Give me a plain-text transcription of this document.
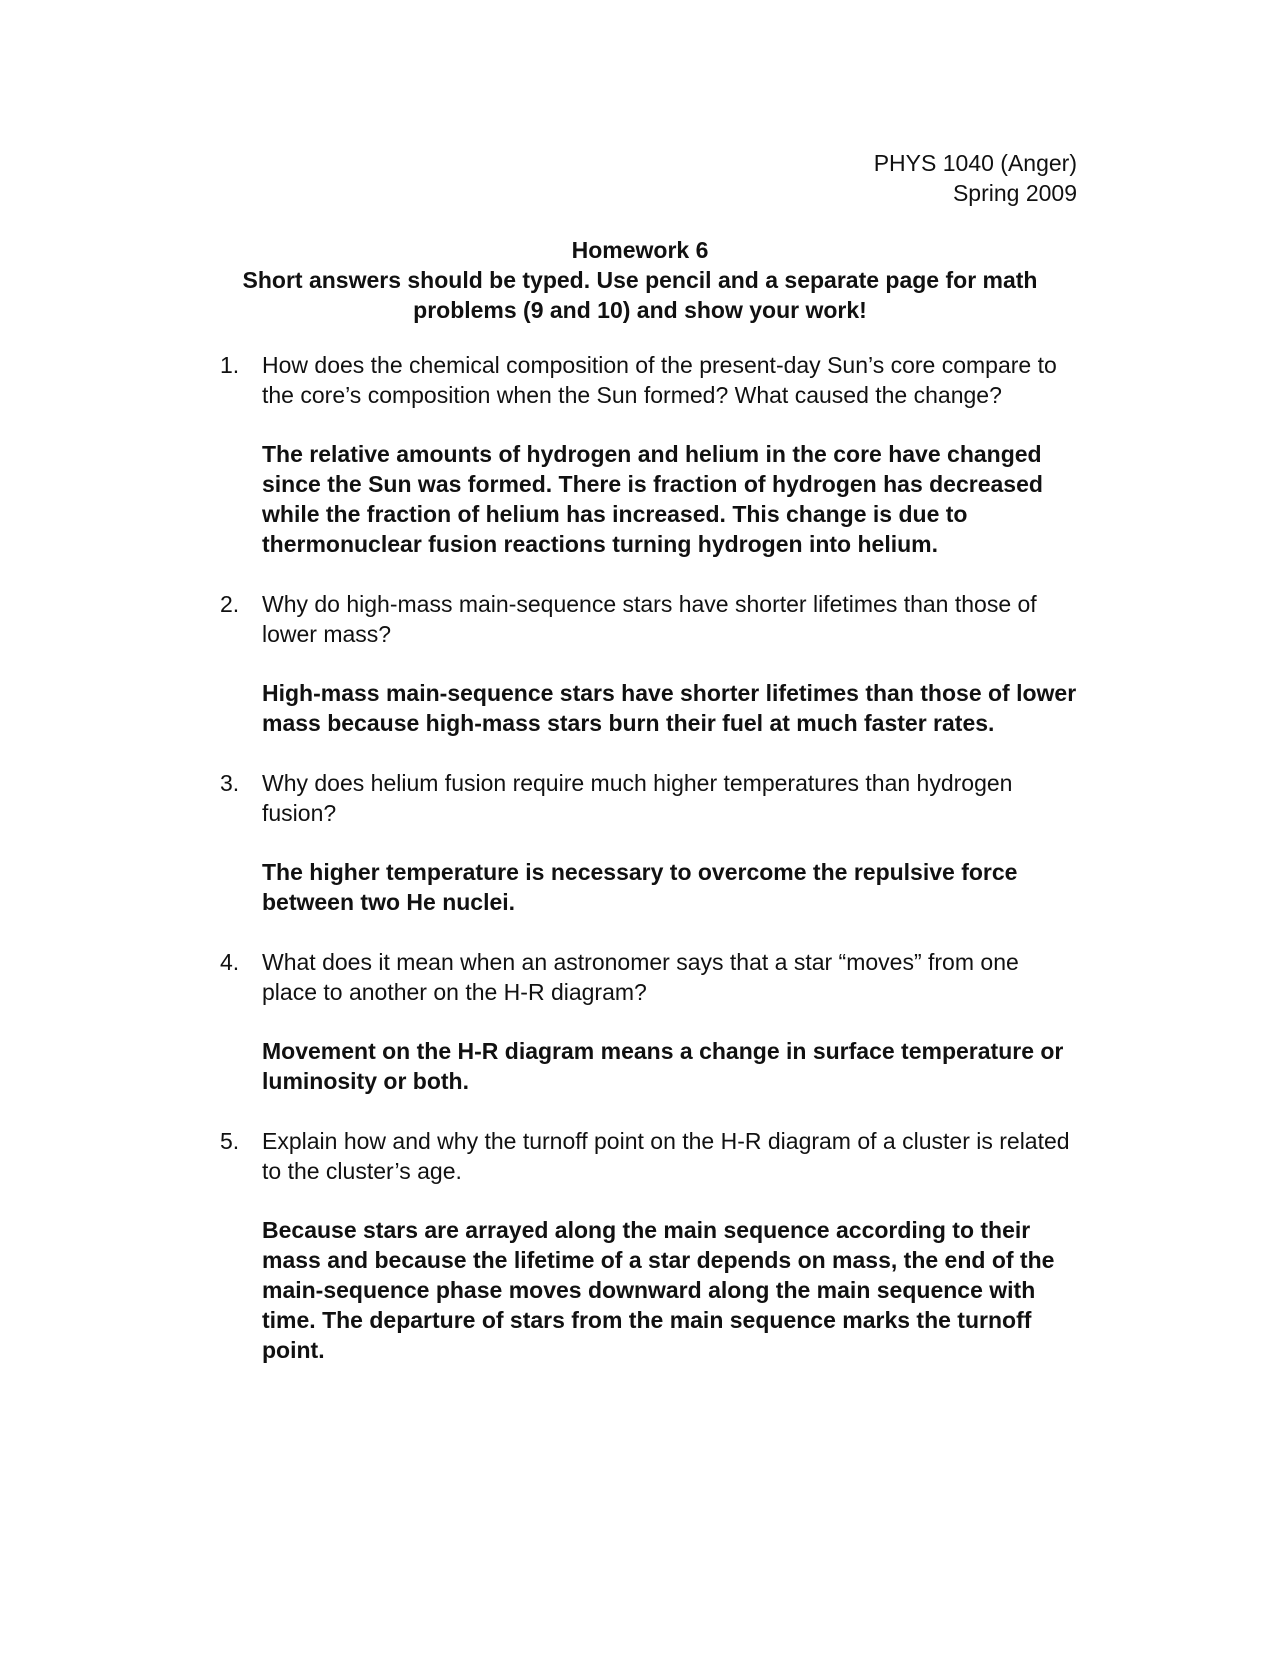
PHYS 1040 (Anger)
Spring 2009
Homework 6
Short answers should be typed. Use pencil and a separate page for math
problems (9 and 10) and show your work!
1. How does the chemical composition of the present-day Sun’s core compare to the core’s composition when the Sun formed? What caused the change?

The relative amounts of hydrogen and helium in the core have changed since the Sun was formed. There is fraction of hydrogen has decreased while the fraction of helium has increased. This change is due to thermonuclear fusion reactions turning hydrogen into helium.

2. Why do high-mass main-sequence stars have shorter lifetimes than those of lower mass?

High-mass main-sequence stars have shorter lifetimes than those of lower mass because high-mass stars burn their fuel at much faster rates.

3. Why does helium fusion require much higher temperatures than hydrogen fusion?

The higher temperature is necessary to overcome the repulsive force between two He nuclei.

4. What does it mean when an astronomer says that a star “moves” from one place to another on the H-R diagram?

Movement on the H-R diagram means a change in surface temperature or luminosity or both.

5. Explain how and why the turnoff point on the H-R diagram of a cluster is related to the cluster’s age.

Because stars are arrayed along the main sequence according to their mass and because the lifetime of a star depends on mass, the end of the main-sequence phase moves downward along the main sequence with time. The departure of stars from the main sequence marks the turnoff point.
